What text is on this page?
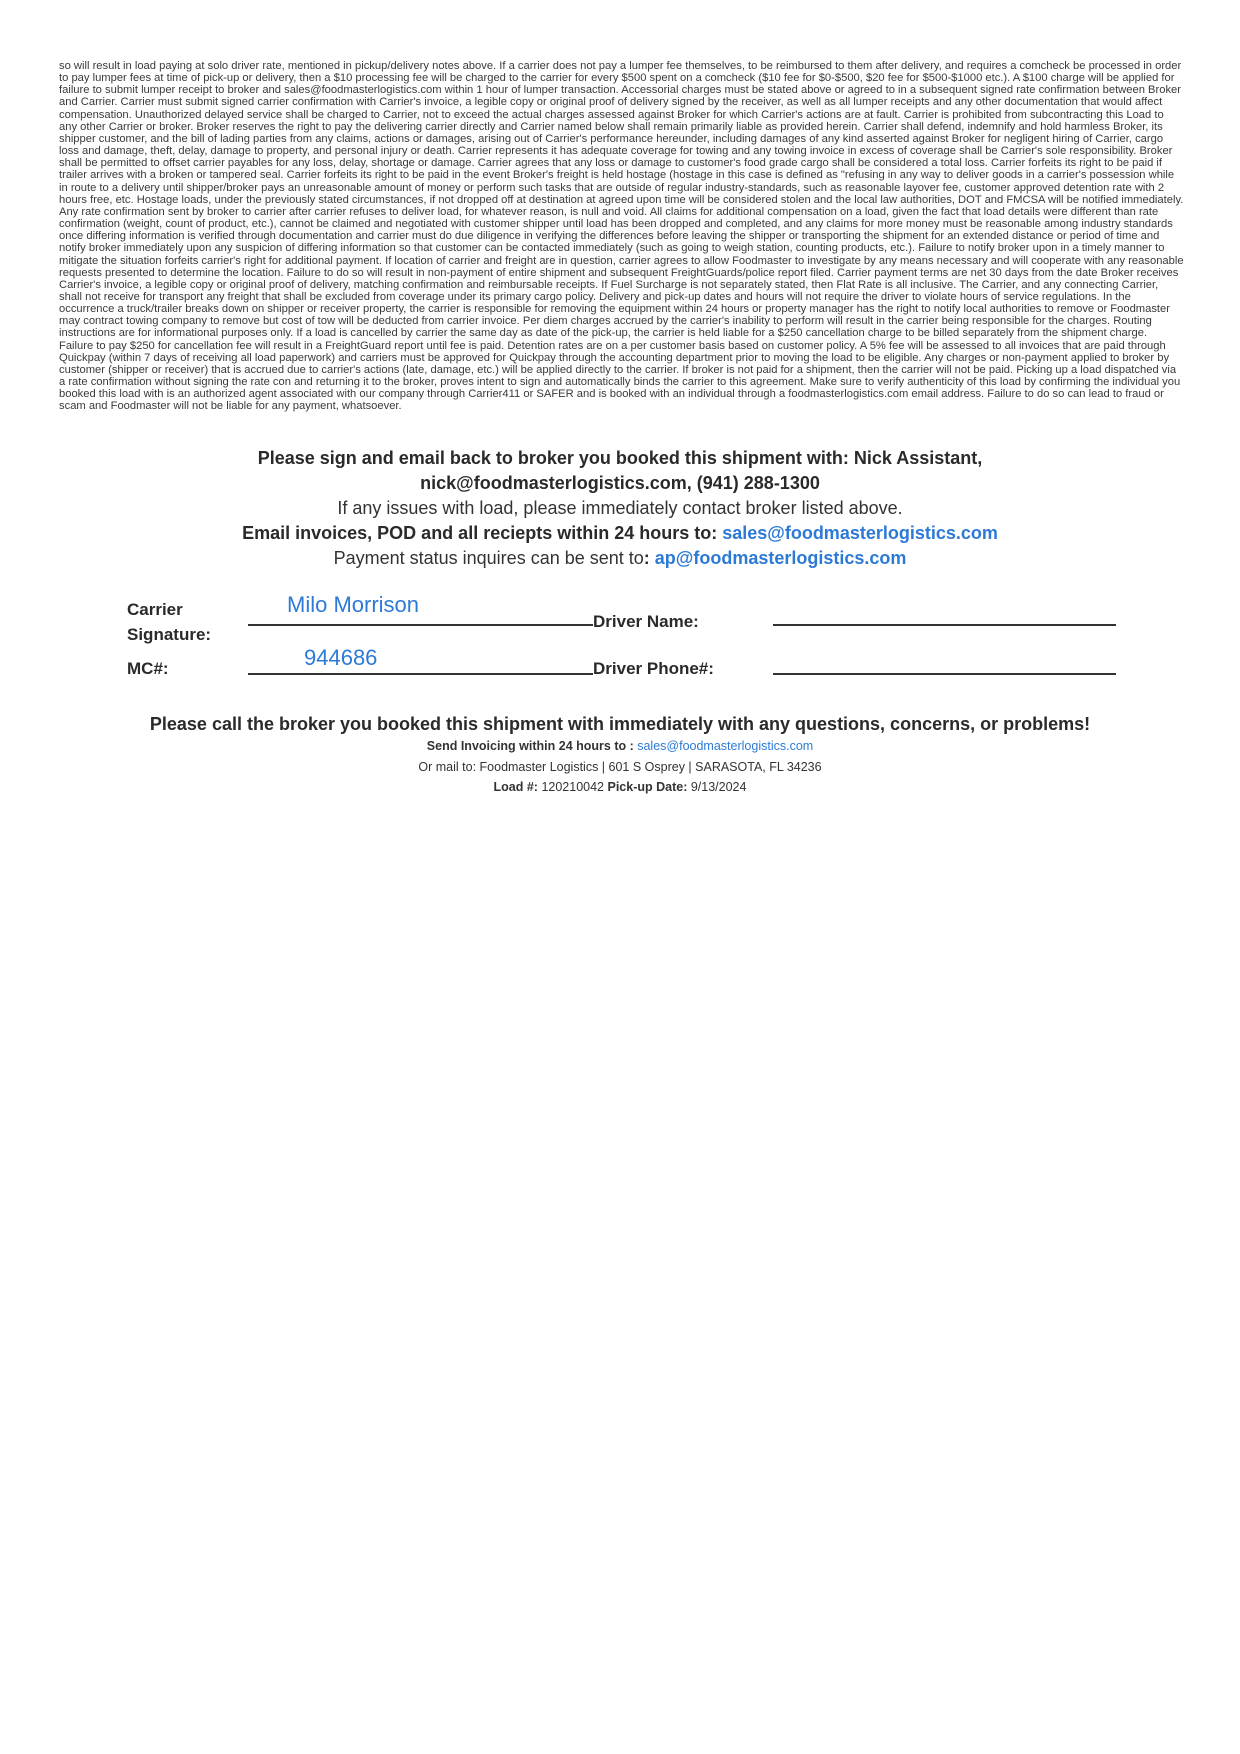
so will result in load paying at solo driver rate, mentioned in pickup/delivery notes above. If a carrier does not pay a lumper fee themselves, to be reimbursed to them after delivery, and requires a comcheck be processed in order to pay lumper fees at time of pick-up or delivery, then a $10 processing fee will be charged to the carrier for every $500 spent on a comcheck ($10 fee for $0-$500, $20 fee for $500-$1000 etc.). A $100 charge will be applied for failure to submit lumper receipt to broker and sales@foodmasterlogistics.com within 1 hour of lumper transaction. Accessorial charges must be stated above or agreed to in a subsequent signed rate confirmation between Broker and Carrier. Carrier must submit signed carrier confirmation with Carrier's invoice, a legible copy or original proof of delivery signed by the receiver, as well as all lumper receipts and any other documentation that would affect compensation. Unauthorized delayed service shall be charged to Carrier, not to exceed the actual charges assessed against Broker for which Carrier's actions are at fault. Carrier is prohibited from subcontracting this Load to any other Carrier or broker. Broker reserves the right to pay the delivering carrier directly and Carrier named below shall remain primarily liable as provided herein. Carrier shall defend, indemnify and hold harmless Broker, its shipper customer, and the bill of lading parties from any claims, actions or damages, arising out of Carrier's performance hereunder, including damages of any kind asserted against Broker for negligent hiring of Carrier, cargo loss and damage, theft, delay, damage to property, and personal injury or death. Carrier represents it has adequate coverage for towing and any towing invoice in excess of coverage shall be Carrier's sole responsibility. Broker shall be permitted to offset carrier payables for any loss, delay, shortage or damage. Carrier agrees that any loss or damage to customer's food grade cargo shall be considered a total loss. Carrier forfeits its right to be paid if trailer arrives with a broken or tampered seal. Carrier forfeits its right to be paid in the event Broker's freight is held hostage (hostage in this case is defined as "refusing in any way to deliver goods in a carrier's possession while in route to a delivery until shipper/broker pays an unreasonable amount of money or perform such tasks that are outside of regular industry-standards, such as reasonable layover fee, customer approved detention rate with 2 hours free, etc. Hostage loads, under the previously stated circumstances, if not dropped off at destination at agreed upon time will be considered stolen and the local law authorities, DOT and FMCSA will be notified immediately. Any rate confirmation sent by broker to carrier after carrier refuses to deliver load, for whatever reason, is null and void. All claims for additional compensation on a load, given the fact that load details were different than rate confirmation (weight, count of product, etc.), cannot be claimed and negotiated with customer shipper until load has been dropped and completed, and any claims for more money must be reasonable among industry standards once differing information is verified through documentation and carrier must do due diligence in verifying the differences before leaving the shipper or transporting the shipment for an extended distance or period of time and notify broker immediately upon any suspicion of differing information so that customer can be contacted immediately (such as going to weigh station, counting products, etc.). Failure to notify broker upon in a timely manner to mitigate the situation forfeits carrier's right for additional payment. If location of carrier and freight are in question, carrier agrees to allow Foodmaster to investigate by any means necessary and will cooperate with any reasonable requests presented to determine the location. Failure to do so will result in non-payment of entire shipment and subsequent FreightGuards/police report filed. Carrier payment terms are net 30 days from the date Broker receives Carrier's invoice, a legible copy or original proof of delivery, matching confirmation and reimbursable receipts. If Fuel Surcharge is not separately stated, then Flat Rate is all inclusive. The Carrier, and any connecting Carrier, shall not receive for transport any freight that shall be excluded from coverage under its primary cargo policy. Delivery and pick-up dates and hours will not require the driver to violate hours of service regulations. In the occurrence a truck/trailer breaks down on shipper or receiver property, the carrier is responsible for removing the equipment within 24 hours or property manager has the right to notify local authorities to remove or Foodmaster may contract towing company to remove but cost of tow will be deducted from carrier invoice. Per diem charges accrued by the carrier's inability to perform will result in the carrier being responsible for the charges. Routing instructions are for informational purposes only. If a load is cancelled by carrier the same day as date of the pick-up, the carrier is held liable for a $250 cancellation charge to be billed separately from the shipment charge. Failure to pay $250 for cancellation fee will result in a FreightGuard report until fee is paid. Detention rates are on a per customer basis based on customer policy. A 5% fee will be assessed to all invoices that are paid through Quickpay (within 7 days of receiving all load paperwork) and carriers must be approved for Quickpay through the accounting department prior to moving the load to be eligible. Any charges or non-payment applied to broker by customer (shipper or receiver) that is accrued due to carrier's actions (late, damage, etc.) will be applied directly to the carrier. If broker is not paid for a shipment, then the carrier will not be paid. Picking up a load dispatched via a rate confirmation without signing the rate con and returning it to the broker, proves intent to sign and automatically binds the carrier to this agreement. Make sure to verify authenticity of this load by confirming the individual you booked this load with is an authorized agent associated with our company through Carrier411 or SAFER and is booked with an individual through a foodmasterlogistics.com email address. Failure to do so can lead to fraud or scam and Foodmaster will not be liable for any payment, whatsoever.
Please sign and email back to broker you booked this shipment with: Nick Assistant,
nick@foodmasterlogistics.com, (941) 288-1300
If any issues with load, please immediately contact broker listed above.
Email invoices, POD and all reciepts within 24 hours to: sales@foodmasterlogistics.com
Payment status inquires can be sent to: ap@foodmasterlogistics.com
Carrier
Signature:
Milo Morrison
Driver Name:
MC#:	944686	Driver Phone#:
Please call the broker you booked this shipment with immediately with any questions, concerns, or problems!
Send Invoicing within 24 hours to : sales@foodmasterlogistics.com
Or mail to: Foodmaster Logistics | 601 S Osprey | SARASOTA, FL 34236
Load #: 120210042 Pick-up Date: 9/13/2024
